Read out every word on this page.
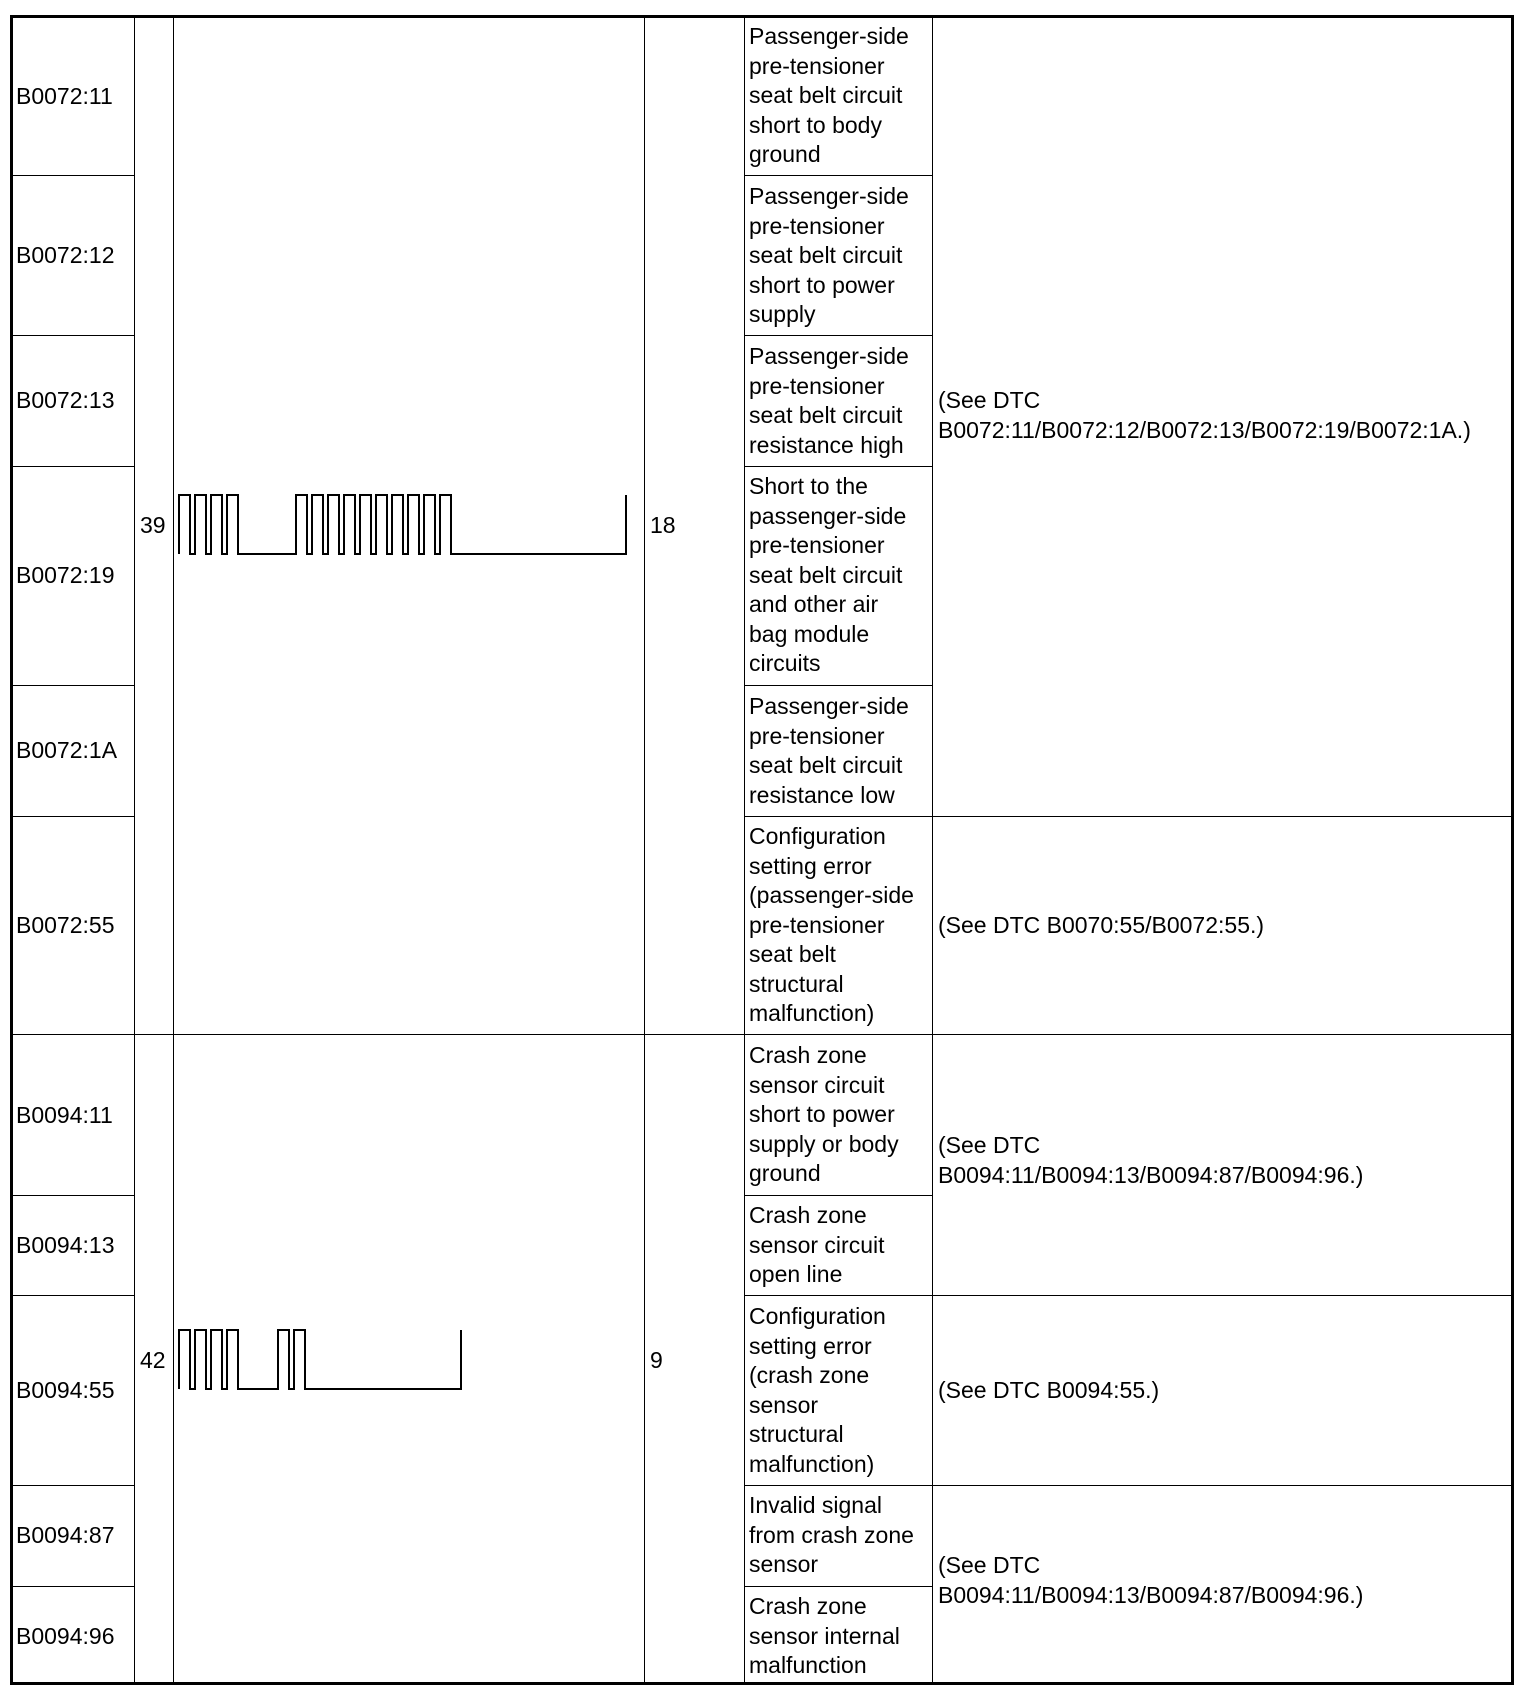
B0072:11
B0072:12
B0072:13
B0072:19
B0072:1A
B0072:55
B0094:11
B0094:13
B0094:55
B0094:87
B0094:96
39
42
18
9
Passenger-side
pre-tensioner
seat belt circuit
short to body
ground
Passenger-side
pre-tensioner
seat belt circuit
short to power
supply
Passenger-side
pre-tensioner
seat belt circuit
resistance high
Short to the
passenger-side
pre-tensioner
seat belt circuit
and other air
bag module
circuits
Passenger-side
pre-tensioner
seat belt circuit
resistance low
Configuration
setting error
(passenger-side
pre-tensioner
seat belt
structural
malfunction)
Crash zone
sensor circuit
short to power
supply or body
ground
Crash zone
sensor circuit
open line
Configuration
setting error
(crash zone
sensor
structural
malfunction)
Invalid signal
from crash zone
sensor
Crash zone
sensor internal
malfunction
(See DTC
B0072:11/B0072:12/B0072:13/B0072:19/B0072:1A.)
(See DTC B0070:55/B0072:55.)
(See DTC
B0094:11/B0094:13/B0094:87/B0094:96.)
(See DTC B0094:55.)
(See DTC
B0094:11/B0094:13/B0094:87/B0094:96.)
